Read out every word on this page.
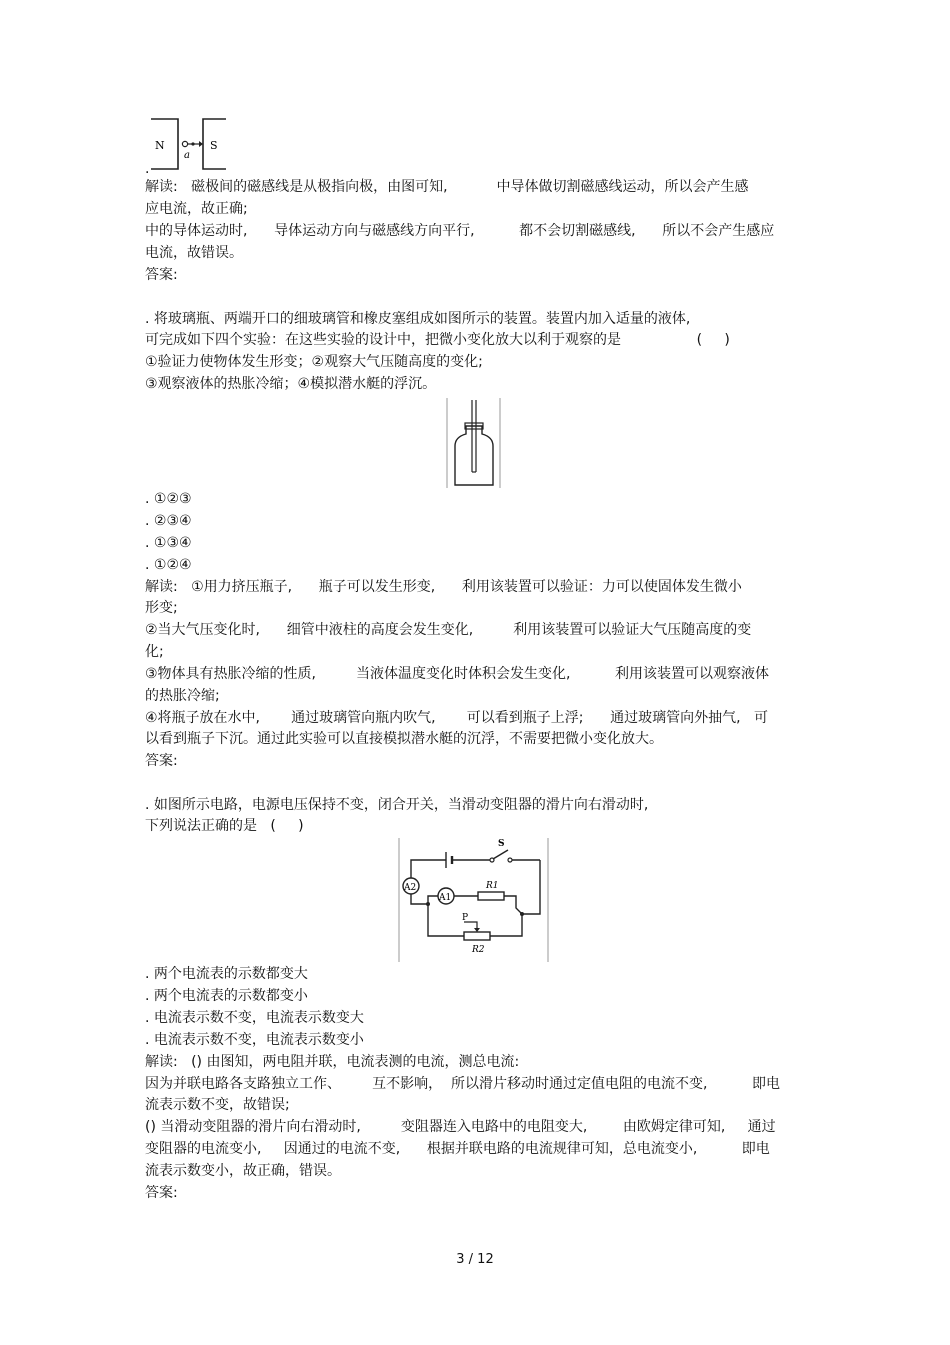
N	S
a
S
A2
A1
R1
P
R2
.
解读:   磁极间的磁感线是从极指向极，由图可知,           中导体做切割磁感线运动，所以会产生感
应电流，故正确;
中的导体运动时,      导体运动方向与磁感线方向平行,          都不会切割磁感线,      所以不会产生感应
电流，故错误。
答案:
. 将玻璃瓶、两端开口的细玻璃管和橡皮塞组成如图所示的装置。装置内加入适量的液体,
可完成如下四个实验：在这些实验的设计中，把微小变化放大以利于观察的是                 (     )
①验证力使物体发生形变；②观察大气压随高度的变化;
③观察液体的热胀冷缩；④模拟潜水艇的浮沉。
. ①②③
. ②③④
. ①③④
. ①②④
解读:   ①用力挤压瓶子,      瓶子可以发生形变,      利用该装置可以验证：力可以使固体发生微小
形变;
②当大气压变化时,      细管中液柱的高度会发生变化,         利用该装置可以验证大气压随高度的变
化;
③物体具有热胀冷缩的性质,         当液体温度变化时体积会发生变化,          利用该装置可以观察液体
的热胀冷缩;
④将瓶子放在水中,       通过玻璃管向瓶内吹气,       可以看到瓶子上浮;      通过玻璃管向外抽气,   可
以看到瓶子下沉。通过此实验可以直接模拟潜水艇的沉浮，不需要把微小变化放大。
答案:
. 如图所示电路，电源电压保持不变，闭合开关，当滑动变阻器的滑片向右滑动时,
下列说法正确的是   (     )
. 两个电流表的示数都变大
. 两个电流表的示数都变小
. 电流表示数不变，电流表示数变大
. 电流表示数不变，电流表示数变小
解读:   () 由图知，两电阻并联，电流表测的电流，测总电流:
因为并联电路各支路独立工作、       互不影响，  所以滑片移动时通过定值电阻的电流不变,          即电
流表示数不变，故错误;
() 当滑动变阻器的滑片向右滑动时,         变阻器连入电路中的电阻变大,        由欧姆定律可知,     通过
变阻器的电流变小,     因通过的电流不变,      根据并联电路的电流规律可知，总电流变小,          即电
流表示数变小，故正确，错误。
答案:
3 / 12
